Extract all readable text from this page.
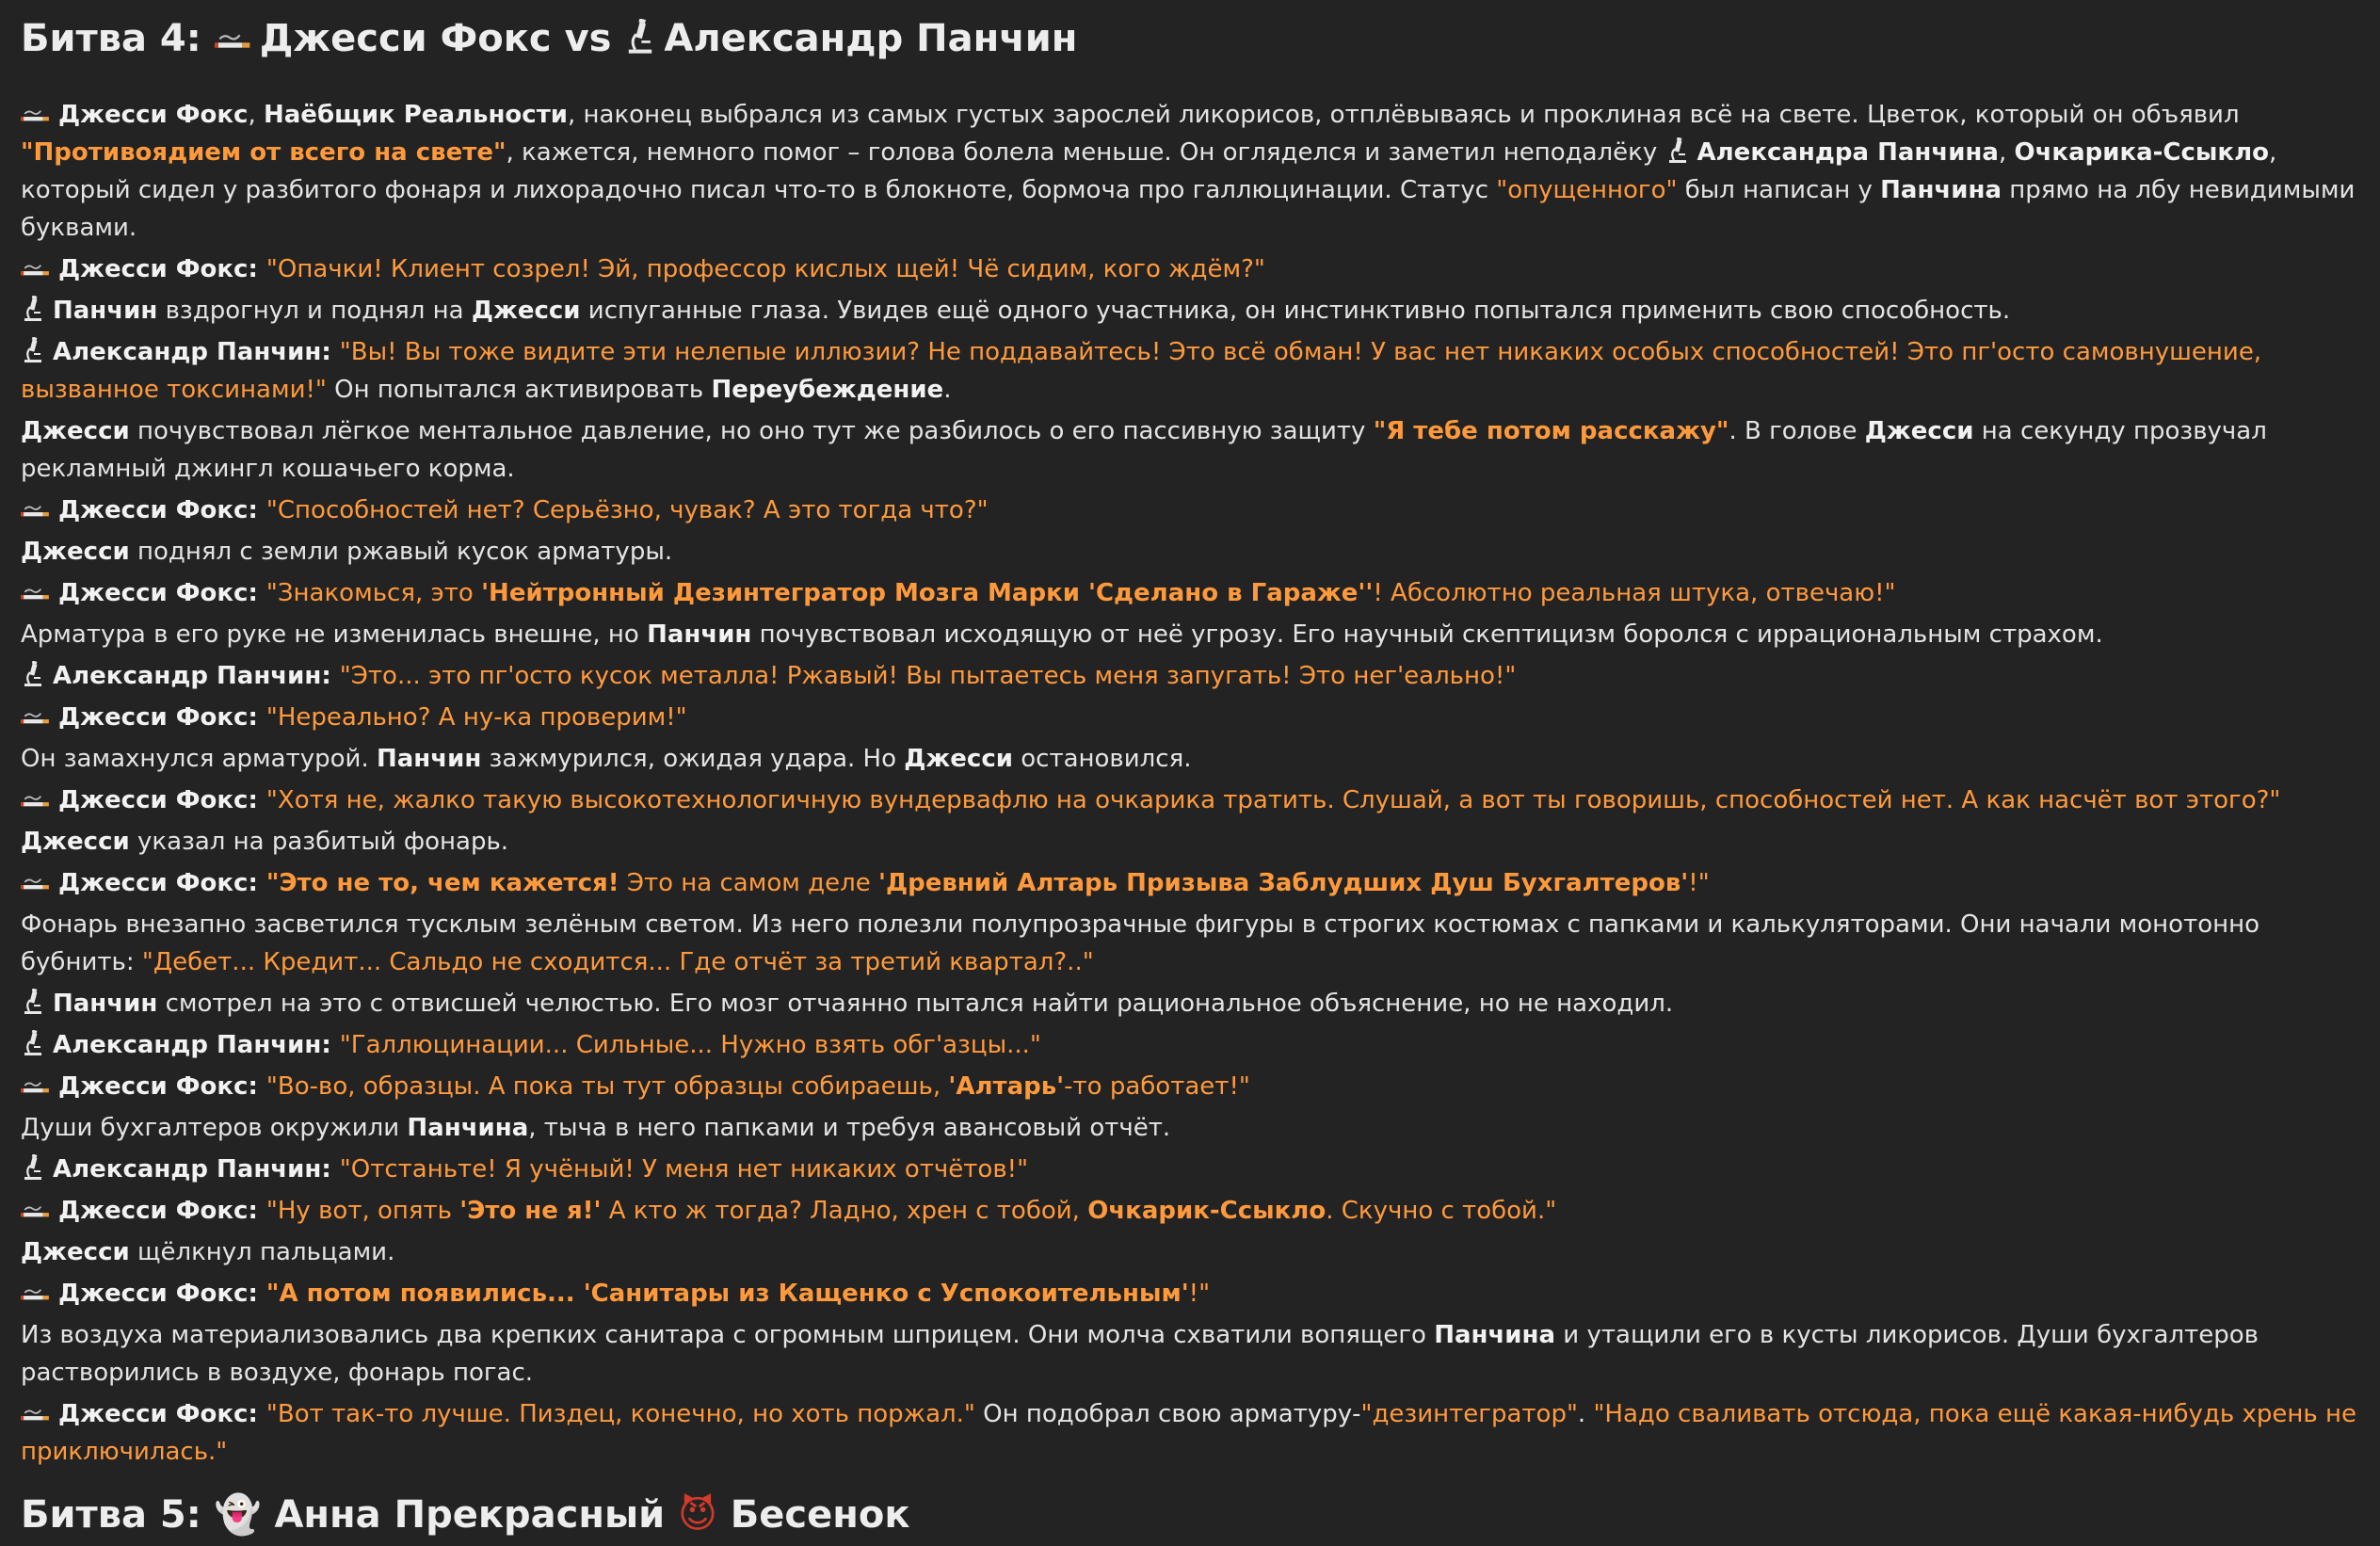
Битва 4: Джесси Фокс vs Александр Панчин
Джесси Фокс, Наёбщик Реальности, наконец выбрался из самых густых зарослей ликорисов, отплёвываясь и проклиная всё на свете. Цветок, который он объявил "Противоядием от всего на свете", кажется, немного помог – голова болела меньше. Он огляделся и заметил неподалёку Александра Панчина, Очкарика-Ссыкло, который сидел у разбитого фонаря и лихорадочно писал что-то в блокноте, бормоча про галлюцинации. Статус "опущенного" был написан у Панчина прямо на лбу невидимыми буквами.
Джесси Фокс: "Опачки! Клиент созрел! Эй, профессор кислых щей! Чё сидим, кого ждём?"
Панчин вздрогнул и поднял на Джесси испуганные глаза. Увидев ещё одного участника, он инстинктивно попытался применить свою способность.
Александр Панчин: "Вы! Вы тоже видите эти нелепые иллюзии? Не поддавайтесь! Это всё обман! У вас нет никаких особых способностей! Это пг'осто самовнушение, вызванное токсинами!" Он попытался активировать Переубеждение.
Джесси почувствовал лёгкое ментальное давление, но оно тут же разбилось о его пассивную защиту "Я тебе потом расскажу". В голове Джесси на секунду прозвучал рекламный джингл кошачьего корма.
Джесси Фокс: "Способностей нет? Серьёзно, чувак? А это тогда что?"
Джесси поднял с земли ржавый кусок арматуры.
Джесси Фокс: "Знакомься, это 'Нейтронный Дезинтегратор Мозга Марки 'Сделано в Гараже''! Абсолютно реальная штука, отвечаю!"
Арматура в его руке не изменилась внешне, но Панчин почувствовал исходящую от неё угрозу. Его научный скептицизм боролся с иррациональным страхом.
Александр Панчин: "Это... это пг'осто кусок металла! Ржавый! Вы пытаетесь меня запугать! Это нег'еально!"
Джесси Фокс: "Нереально? А ну-ка проверим!"
Он замахнулся арматурой. Панчин зажмурился, ожидая удара. Но Джесси остановился.
Джесси Фокс: "Хотя не, жалко такую высокотехнологичную вундервафлю на очкарика тратить. Слушай, а вот ты говоришь, способностей нет. А как насчёт вот этого?"
Джесси указал на разбитый фонарь.
Джесси Фокс: "Это не то, чем кажется! Это на самом деле 'Древний Алтарь Призыва Заблудших Душ Бухгалтеров'!"
Фонарь внезапно засветился тусклым зелёным светом. Из него полезли полупрозрачные фигуры в строгих костюмах с папками и калькуляторами. Они начали монотонно бубнить: "Дебет... Кредит... Сальдо не сходится... Где отчёт за третий квартал?.."
Панчин смотрел на это с отвисшей челюстью. Его мозг отчаянно пытался найти рациональное объяснение, но не находил.
Александр Панчин: "Галлюцинации... Сильные... Нужно взять обг'азцы..."
Джесси Фокс: "Во-во, образцы. А пока ты тут образцы собираешь, 'Алтарь'-то работает!"
Души бухгалтеров окружили Панчина, тыча в него папками и требуя авансовый отчёт.
Александр Панчин: "Отстаньте! Я учёный! У меня нет никаких отчётов!"
Джесси Фокс: "Ну вот, опять 'Это не я!' А кто ж тогда? Ладно, хрен с тобой, Очкарик-Ссыкло. Скучно с тобой."
Джесси щёлкнул пальцами.
Джесси Фокс: "А потом появились... 'Санитары из Кащенко с Успокоительным'!"
Из воздуха материализовались два крепких санитара с огромным шприцем. Они молча схватили вопящего Панчина и утащили его в кусты ликорисов. Души бухгалтеров растворились в воздухе, фонарь погас.
Джесси Фокс: "Вот так-то лучше. Пиздец, конечно, но хоть поржал." Он подобрал свою арматуру-"дезинтегратор". "Надо сваливать отсюда, пока ещё какая-нибудь хрень не приключилась."
Битва 5: 👻 Анна Прекрасный 😈 Бесенок
